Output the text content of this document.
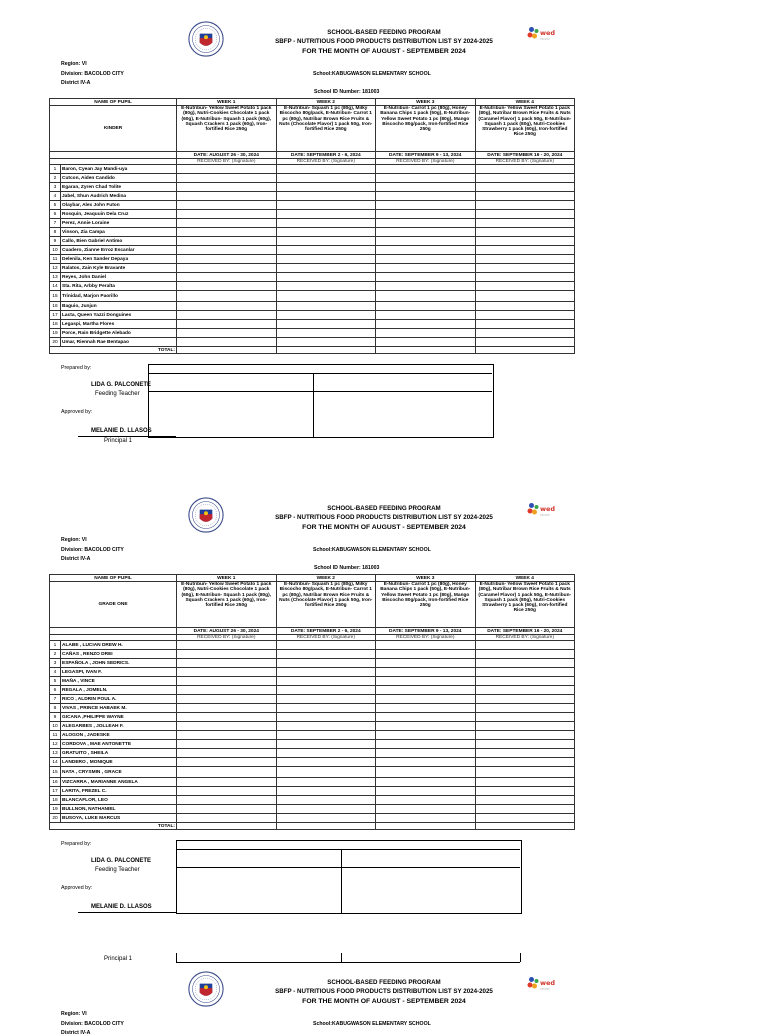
wed
education
SCHOOL-BASED FEEDING PROGRAM
SBFP - NUTRITIOUS FOOD PRODUCTS DISTRIBUTION LIST SY 2024-2025
FOR THE MONTH OF AUGUST - SEPTEMBER 2024
Region: VI
Division: BACOLOD CITY
District IV-A
School:KABUGWASON ELEMENTARY SCHOOL
School ID Number: 181003
NAME OF PUPIL		WEEK 1	WEEK 2	WEEK 3	WEEK 4
KINDER		E-Nutribun- Yellow Sweet Potato 1 pack (80g), Nutri-Cookies Chocolate 1 pack (60g), E-Nutribun- Squash 1 pack (60g), Squash Crackers 1 pack (60g), Iron-fortified Rice 250g	E-Nutribun- Squash 1 pc (80g), Milky Biscocho 80g/pack, E-Nutribun- Carrot 1 pc (80g), Nutribar Brown Rice Fruits & Nuts (Chocolate Flavor) 1 pack 50g, Iron-fortified Rice 250g	E-Nutribun- Carrot 1 pc (80g), Honey Banana Chips 1 pack (50g), E-Nutribun- Yellow Sweet Potato 1 pc (80g), Mango Biscocho 80g/pack, Iron-fortified Rice 250g	E-Nutribun- Yellow Sweet Potato 1 pack (80g), Nutribar Brown Rice Fruits & Nuts (Caramel Flavor) 1 pack 50g, E-Nutribun- Squash 1 pack (80g), Nutri-Cookies Strawberry 1 pack (60g), Iron-fortified Rice 250g
		DATE: AUGUST 26 - 30, 2024	DATE: SEPTEMBER 2 - 6, 2024	DATE: SEPTEMBER 9 - 13, 2024	DATE: SEPTEMBER 16 - 20, 2024
		RECEIVED BY: (Signature)	RECEIVED BY: (Signature)	RECEIVED BY: (Signature)	RECEIVED BY: (Signature)
1	Baron, Cyean Jay Mandi-uya				
2	Cutcon, Aiden Candido				
3	Egaran, Zyren Chad Tolite				
4	Jabel, Shun Audrich Medina				
5	Olaybar, Alex John Futon				
6	Rosquin, Jeaquuin Dela Cruz				
7	Perez, Annie Loraine				
8	Vinson, Zia Campa				
9	Callo, Bien Gabriel Antimo				
10	Cuadero, Zianne Erroz Escanlar				
11	Delenila, Ken Sander Depaya				
12	Ralatos, Zain Kyle Bravante				
13	Reyes, John Daniel				
14	Sta. Rita, Arbby Peralta				
15	Trinidad, Marjon Paorillo				
16	Baguio, Junjun				
17	Lacta, Queen Yazzi Donguines				
18	Legaspi, Martha Flores				
19	Porce, Rain Bridgette Alebado				
20	Umar, Riennah Rae Bentapao				
TOTAL:					
Prepared by:
LIDA G. PALCONETE
Feeding Teacher
Approved by:
MELANIE D. LLASOS
Principal 1
wed
education
SCHOOL-BASED FEEDING PROGRAM
SBFP - NUTRITIOUS FOOD PRODUCTS DISTRIBUTION LIST SY 2024-2025
FOR THE MONTH OF AUGUST - SEPTEMBER 2024
Region: VI
Division: BACOLOD CITY
District IV-A
School:KABUGWASON ELEMENTARY SCHOOL
School ID Number: 181003
NAME OF PUPIL		WEEK 1	WEEK 2	WEEK 3	WEEK 4
GRADE ONE		E-Nutribun- Yellow Sweet Potato 1 pack (80g), Nutri-Cookies Chocolate 1 pack (60g), E-Nutribun- Squash 1 pack (80g), Squash Crackers 1 pack (60g), Iron-fortified Rice 250g	E-Nutribun- Squash 1 pc (80g), Milky Biscocho 80g/pack, E-Nutribun- Carrot 1 pc (80g), Nutribar Brown Rice Fruits & Nuts (Chocolate Flavor) 1 pack 50g, Iron-fortified Rice 250g	E-Nutribun- Carrot 1 pc (80g), Honey Banana Chips 1 pack (50g), E-Nutribun- Yellow Sweet Potato 1 pc (80g), Mango Biscocho 80g/pack, Iron-fortified Rice 250g	E-Nutribun- Yellow Sweet Potato 1 pack (80g), Nutribar Brown Rice Fruits & Nuts (Caramel Flavor) 1 pack 50g, E-Nutribun- Squash 1 pack (80g), Nutri-Cookies Strawberry 1 pack (60g), Iron-fortified Rice 250g
		DATE: AUGUST 26 - 30, 2024	DATE: SEPTEMBER 2 - 6, 2024	DATE: SEPTEMBER 9 - 13, 2024	DATE: SEPTEMBER 16 - 20, 2024
		RECEIVED BY: (Signature)	RECEIVED BY: (Signature)	RECEIVED BY: (Signature)	RECEIVED BY: (Signature)
1	ALABE , LUCIAN DREW H.				
2	CAÑAS , RENZO DREI				
3	ESPAÑOLA , JOHN SEDRICS.				
4	LEGASPI, IVAN F.				
5	MAÑA , VINCE				
6	REGALA , JOMELN.				
7	RICO , ALDRIN POUL A.				
8	VIVAS , PRINCE HABAEK M.				
9	GICANA ,PHILIPPE WAYNE				
10	ALEGARBES , JOLLEAH F.				
11	ALOGON , JADESKE				
12	CORDOVA , MAE ANTONETTE				
13	GRATUITO , SHEILA				
14	LANDERO , MONIQUE				
15	NATA , CRYSMIN , GRACE				
16	VIZCARRA , MARIANNE ANGELA				
17	LARITA, FREZEL C.				
18	BLANCAFLOR, LEO				
19	BULLNON, NATHANIEL				
20	BUSOYA, LUKE MARCUS				
TOTAL:					
Prepared by:
LIDA G. PALCONETE
Feeding Teacher
Approved by:
MELANIE D. LLASOS
Principal 1
wed
education
SCHOOL-BASED FEEDING PROGRAM
SBFP - NUTRITIOUS FOOD PRODUCTS DISTRIBUTION LIST SY 2024-2025
FOR THE MONTH OF AUGUST - SEPTEMBER 2024
Region: VI
Division: BACOLOD CITY
District IV-A
School:KABUGWASON ELEMENTARY SCHOOL
